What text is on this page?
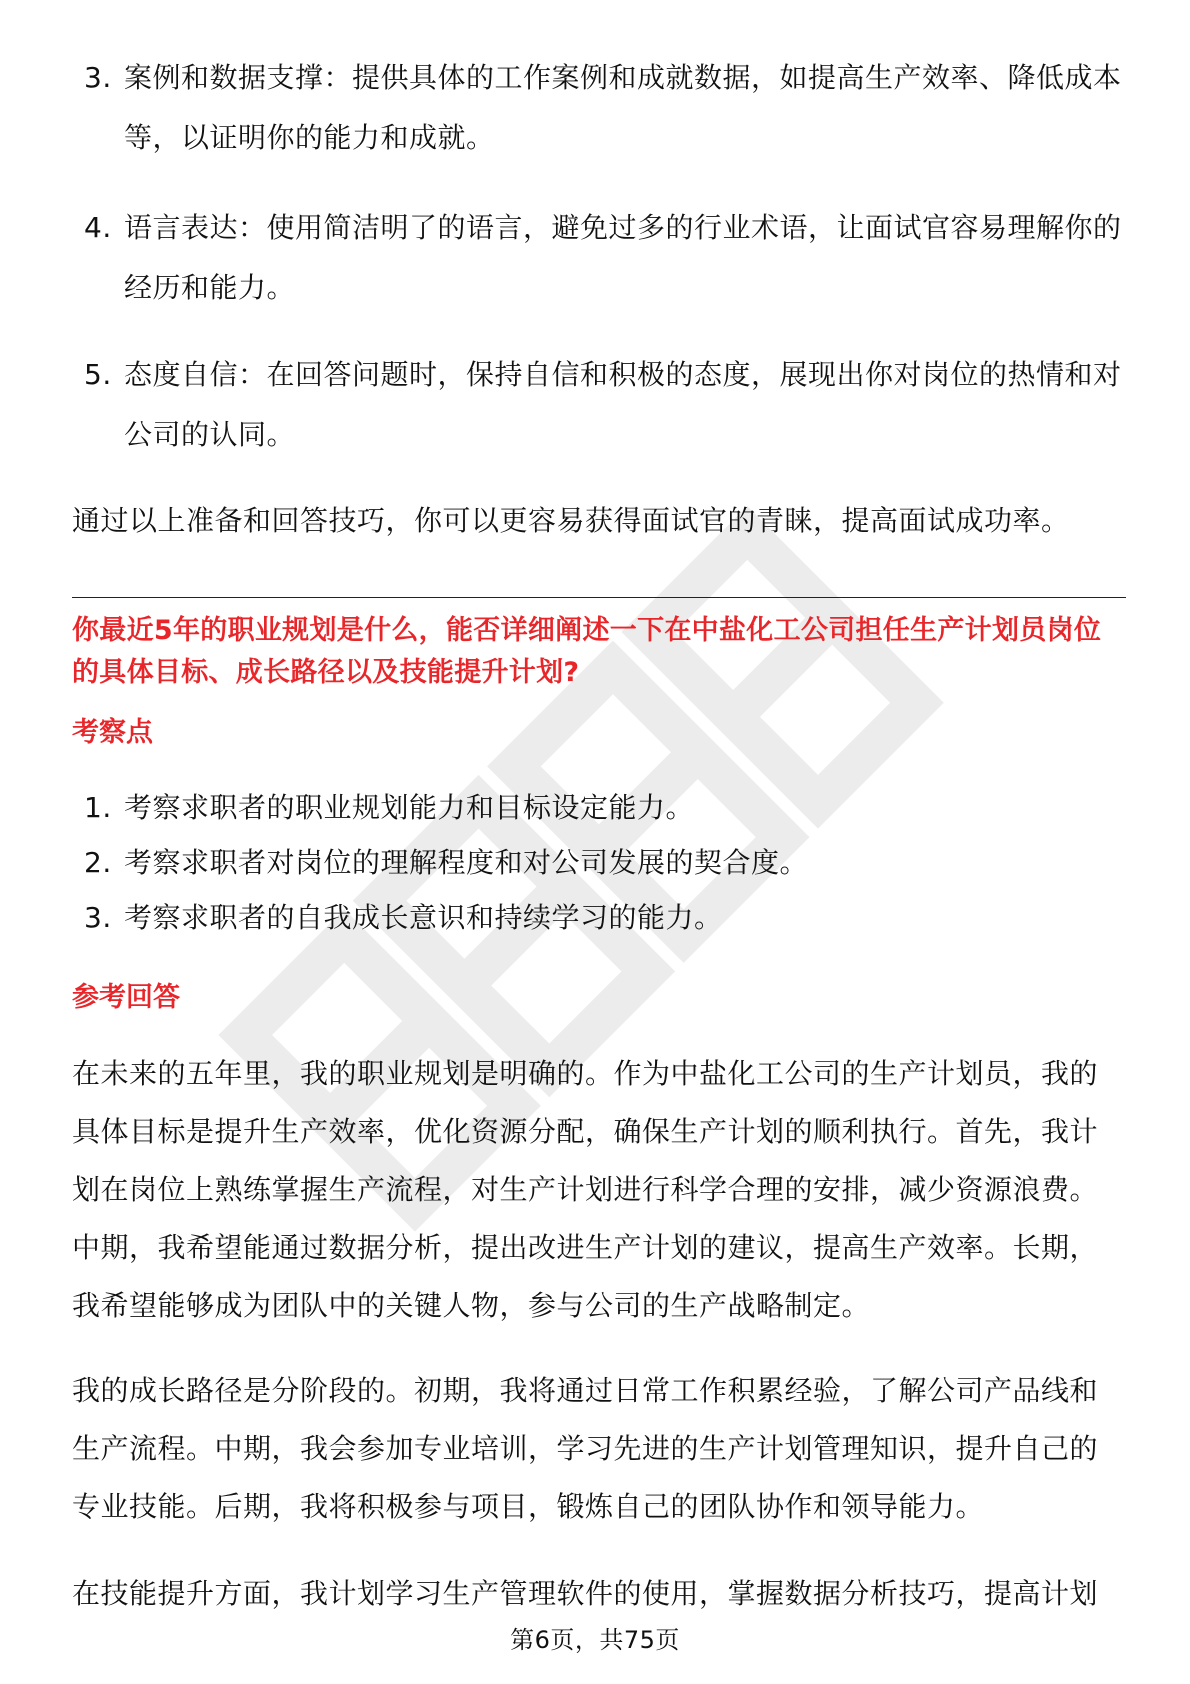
3. 案例和数据支撑：提供具体的工作案例和成就数据，如提高生产效率、降低成本等，以证明你的能力和成就。
4. 语言表达：使用简洁明了的语言，避免过多的行业术语，让面试官容易理解你的经历和能力。
5. 态度自信：在回答问题时，保持自信和积极的态度，展现出你对岗位的热情和对公司的认同。
通过以上准备和回答技巧，你可以更容易获得面试官的青睐，提高面试成功率。
你最近5年的职业规划是什么，能否详细阐述一下在中盐化工公司担任生产计划员岗位的具体目标、成长路径以及技能提升计划?
考察点
1. 考察求职者的职业规划能力和目标设定能力。
2. 考察求职者对岗位的理解程度和对公司发展的契合度。
3. 考察求职者的自我成长意识和持续学习的能力。
参考回答
在未来的五年里，我的职业规划是明确的。作为中盐化工公司的生产计划员，我的具体目标是提升生产效率，优化资源分配，确保生产计划的顺利执行。首先，我计划在岗位上熟练掌握生产流程，对生产计划进行科学合理的安排，减少资源浪费。中期，我希望能通过数据分析，提出改进生产计划的建议，提高生产效率。长期，我希望能够成为团队中的关键人物，参与公司的生产战略制定。
我的成长路径是分阶段的。初期，我将通过日常工作积累经验，了解公司产品线和生产流程。中期，我会参加专业培训，学习先进的生产计划管理知识，提升自己的专业技能。后期，我将积极参与项目，锻炼自己的团队协作和领导能力。
在技能提升方面，我计划学习生产管理软件的使用，掌握数据分析技巧，提高计划
第6页，共75页
